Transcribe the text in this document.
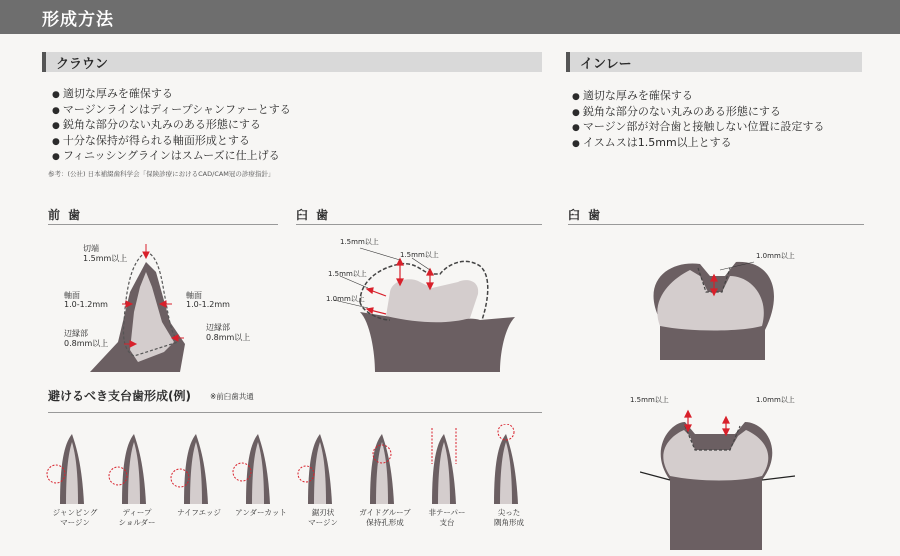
形成方法
クラウン	インレー
● 適切な厚みを確保する
● マージンラインはディープシャンファーとする
● 鋭角な部分のない丸みのある形態にする
● 十分な保持が得られる軸面形成とする
● フィニッシングラインはスムーズに仕上げる
参考：(公社) 日本補綴歯科学会「保険診療におけるCAD/CAM冠の診療指針」
● 適切な厚みを確保する
● 鋭角な部分のない丸みのある形態にする
● マージン部が対合歯と接触しない位置に設定する
● イスムスは1.5mm以上とする
前 歯	臼 歯	臼 歯
切端
1.5mm以上
軸面
1.0-1.2mm
軸面
1.0-1.2mm
辺縁部
0.8mm以上
辺縁部
0.8mm以上
1.5mm以上
1.5mm以上
1.5mm以上
1.0mm以上
1.0mm以上
1.5mm以上	1.0mm以上
避けるべき支台歯形成(例)	※前臼歯共通
ジャンピング
マージン
ディープ
ショルダー
ナイフエッジ	アンダーカット	鋸刃状
マージン
ガイドグルーブ
保持孔形成
非テーパー
支台
尖った
隅角形成
